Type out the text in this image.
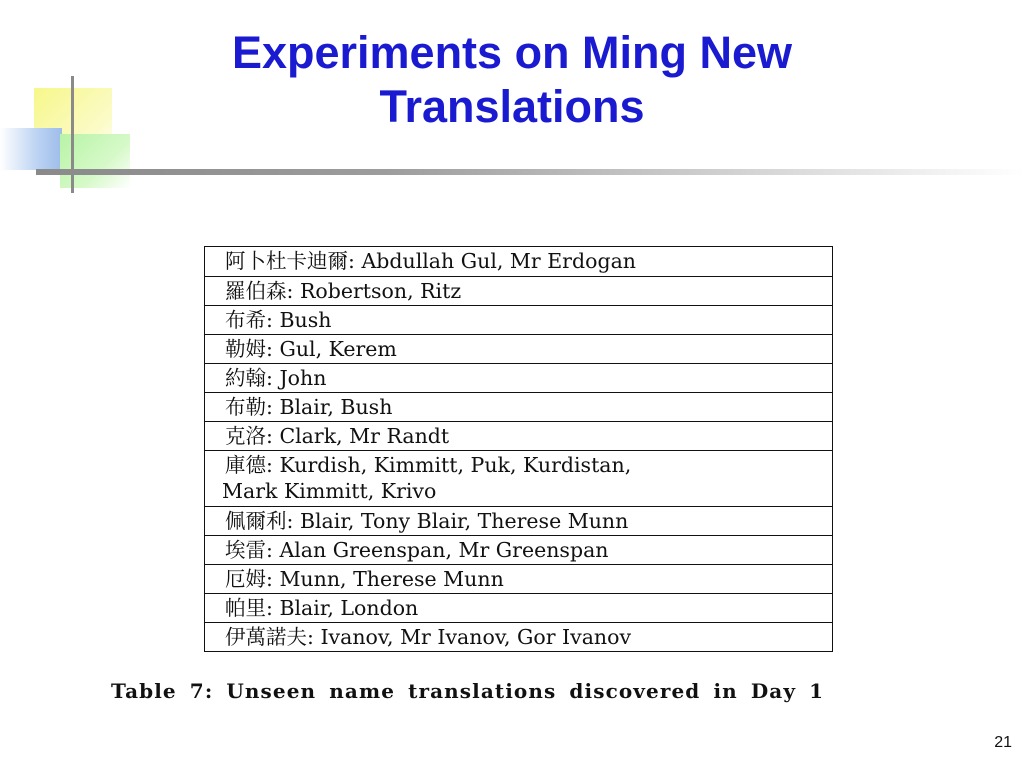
Experiments on Ming New Translations
阿卜杜卡迪爾: Abdullah Gul, Mr Erdogan
羅伯森: Robertson, Ritz
布希: Bush
勒姆: Gul, Kerem
約翰: John
布勒: Blair, Bush
克洛: Clark, Mr Randt
庫德: Kurdish, Kimmitt, Puk, Kurdistan,
Mark Kimmitt, Krivo
佩爾利: Blair, Tony Blair, Therese Munn
埃雷: Alan Greenspan, Mr Greenspan
厄姆: Munn, Therese Munn
帕里: Blair, London
伊萬諾夫: Ivanov, Mr Ivanov, Gor Ivanov
Table 7: Unseen name translations discovered in Day 1
21
